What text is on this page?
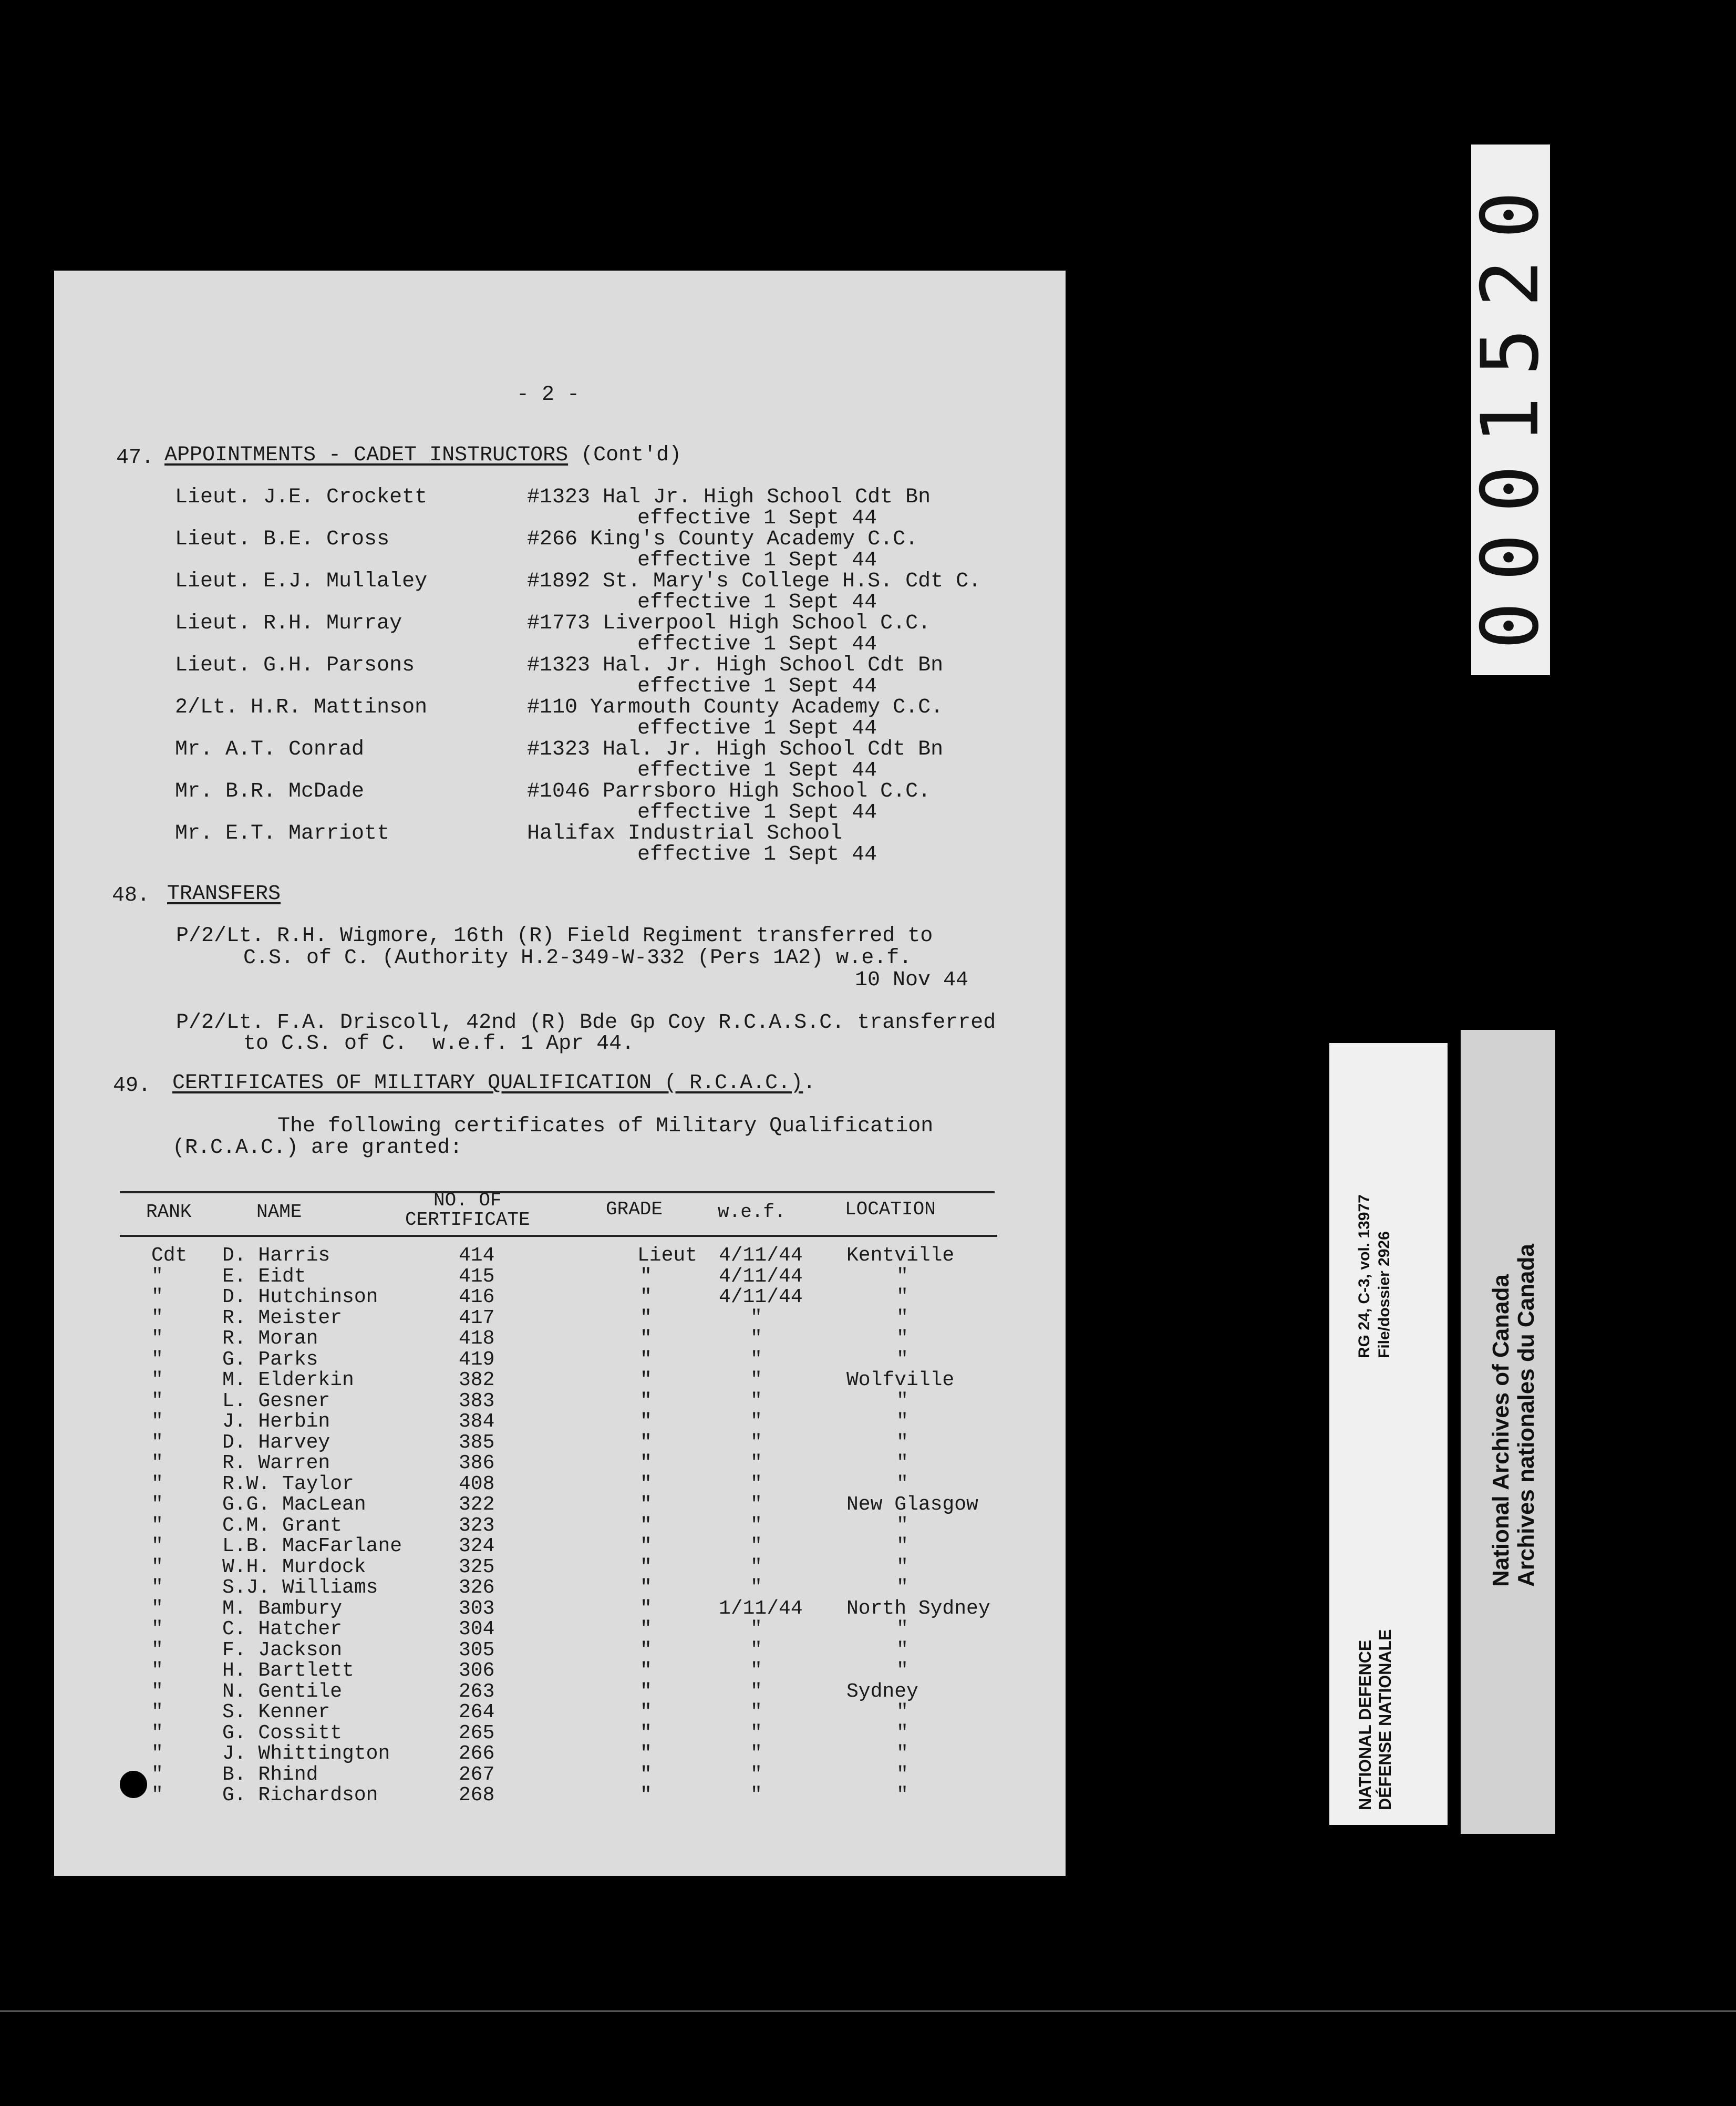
- 2 -
47. APPOINTMENTS - CADET INSTRUCTORS (Cont'd)
Lieut. J.E. Crockett	#1323 Hal Jr. High School Cdt Bn
effective 1 Sept 44
Lieut. B.E. Cross	#266 King's County Academy C.C.
effective 1 Sept 44
Lieut. E.J. Mullaley	#1892 St. Mary's College H.S. Cdt C.
effective 1 Sept 44
Lieut. R.H. Murray	#1773 Liverpool High School C.C.
effective 1 Sept 44
Lieut. G.H. Parsons	#1323 Hal. Jr. High School Cdt Bn
effective 1 Sept 44
2/Lt. H.R. Mattinson	#110 Yarmouth County Academy C.C.
effective 1 Sept 44
Mr. A.T. Conrad	#1323 Hal. Jr. High School Cdt Bn
effective 1 Sept 44
Mr. B.R. McDade	#1046 Parrsboro High School C.C.
effective 1 Sept 44
Mr. E.T. Marriott	Halifax Industrial School
effective 1 Sept 44
48. TRANSFERS
P/2/Lt. R.H. Wigmore, 16th (R) Field Regiment transferred to
C.S. of C. (Authority H.2-349-W-332 (Pers 1A2) w.e.f.
10 Nov 44
P/2/Lt. F.A. Driscoll, 42nd (R) Bde Gp Coy R.C.A.S.C. transferred
to C.S. of C.  w.e.f. 1 Apr 44.
49. CERTIFICATES OF MILITARY QUALIFICATION ( R.C.A.C.).
The following certificates of Military Qualification
(R.C.A.C.) are granted:
RANK	NAME
NO. OF
CERTIFICATE	GRADE	w.e.f.	LOCATION
Cdt D. Harris	414	Lieut 4/11/44 Kentville
"	E. Eidt	415	"	4/11/44	"
"	D. Hutchinson	416	"	4/11/44	"
"	R. Meister	417	"	"	"
"	R. Moran	418	"	"	"
"	G. Parks	419	"	"	"
"	M. Elderkin	382	"	"	Wolfville
"	L. Gesner	383	"	"	"
"	J. Herbin	384	"	"	"
"	D. Harvey	385	"	"	"
"	R. Warren	386	"	"	"
"	R.W. Taylor	408	"	"	"
"	G.G. MacLean	322	"	"	New Glasgow
"	C.M. Grant	323	"	"	"
"	L.B. MacFarlane	324	"	"	"
"	W.H. Murdock	325	"	"	"
"	S.J. Williams	326	"	"	"
"	M. Bambury	303	"	1/11/44 North Sydney
"	C. Hatcher	304	"	"	"
"	F. Jackson	305	"	"	"
"	H. Bartlett	306	"	"	"
"	N. Gentile	263	"	"	Sydney
"	S. Kenner	264	"	"	"
"	G. Cossitt	265	"	"	"
"	J. Whittington	266	"	"	"
"	B. Rhind	267	"	"	"
"	G. Richardson	268	"	"	"
0001520
RG 24, C-3, vol. 13977 File/dossier 2926
NATIONAL DEFENCE DÉFENSE NATIONALE
National Archives of Canada Archives nationales du Canada
